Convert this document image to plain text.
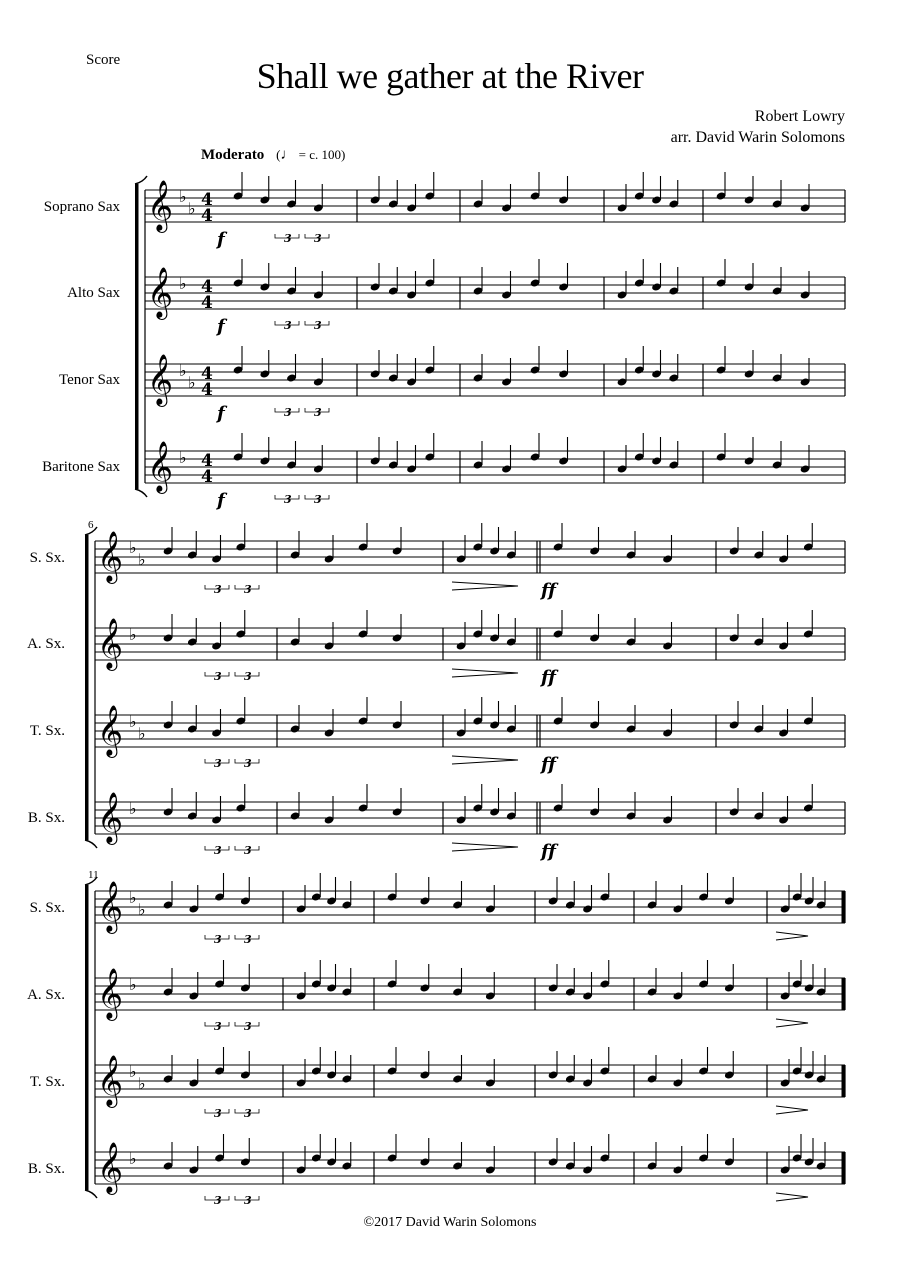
Score	Shall we gather at the River
Robert Lowry
arr. David Warin Solomons
Moderato (♩ = c. 100)
Soprano Sax
Alto Sax
Tenor Sax
Baritone Sax
S. Sx.
A. Sx.
T. Sx.
B. Sx.
S. Sx.
A. Sx.
T. Sx.
B. Sx.
6
11
𝄞 ♭
♭ 4
4
3 3
f
𝄞 ♭ 4
4
3 3
f
𝄞 ♭
♭ 4
4
3 3
f
𝄞 ♭ 4
4
3 3
f
𝄞 ♭
♭
3 3	ff
𝄞 ♭
3 3	ff
𝄞 ♭
♭
3 3	ff
𝄞 ♭
3 3	ff
𝄞 ♭
♭
3 3
𝄞 ♭
3 3
𝄞 ♭
♭
3 3
𝄞 ♭
3 3
©2017 David Warin Solomons
